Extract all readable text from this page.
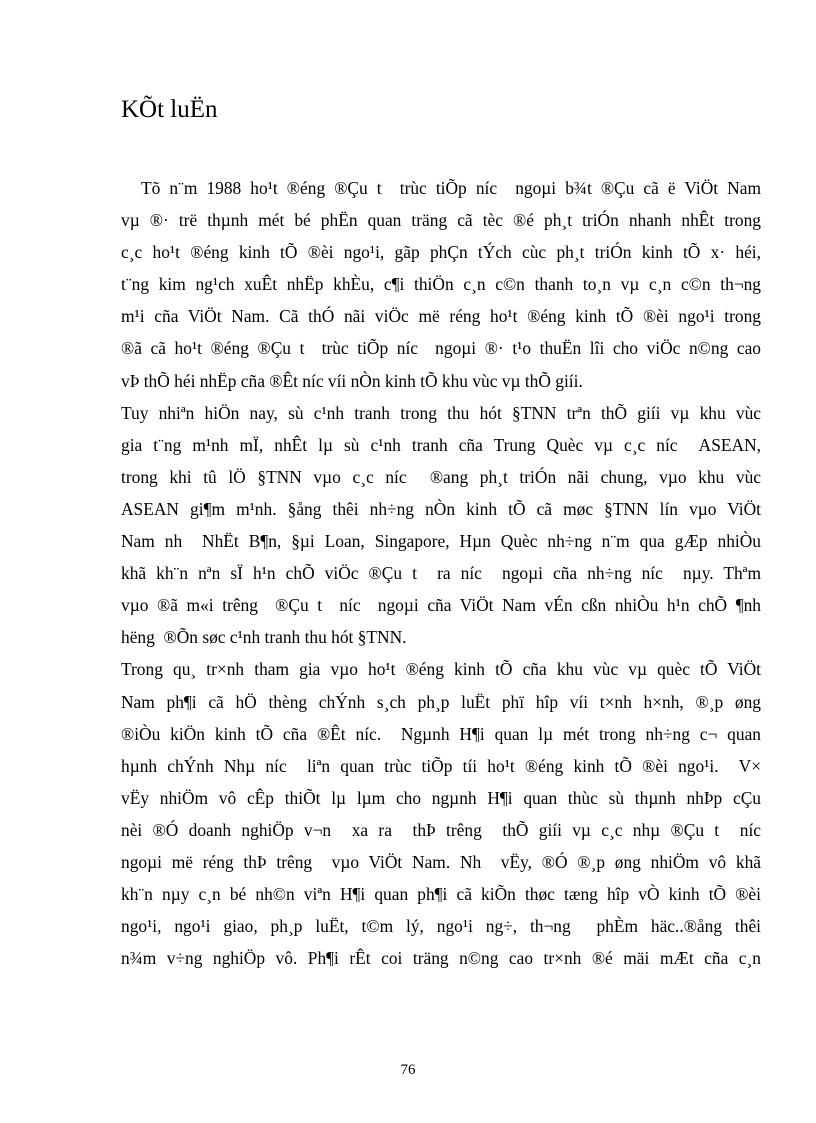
KÕt luËn
Tõ n¨m 1988 ho¹t ®éng ®Çu t  trùc tiÕp níc  ngoµi b¾t ®Çu cã ë ViÖt Nam
vµ ®· trë thµnh mét bé phËn quan träng cã tèc ®é ph¸t triÓn nhanh nhÊt trong
c¸c ho¹t ®éng kinh tÕ ®èi ngo¹i, gãp phÇn tÝch cùc ph¸t triÓn kinh tÕ x· héi,
t¨ng kim ng¹ch xuÊt nhËp khÈu, c¶i thiÖn c¸n c©n thanh to¸n vµ c¸n c©n th¬ng
m¹i cña ViÖt Nam. Cã thÓ nãi viÖc më réng ho¹t ®éng kinh tÕ ®èi ngo¹i trong
®ã cã ho¹t ®éng ®Çu t  trùc tiÕp níc  ngoµi ®· t¹o thuËn lîi cho viÖc n©ng cao
vÞ thÕ héi nhËp cña ®Êt níc víi nÒn kinh tÕ khu vùc vµ thÕ giíi.
Tuy nhiªn hiÖn nay, sù c¹nh tranh trong thu hót §TNN trªn thÕ giíi vµ khu vùc
gia t¨ng m¹nh mÏ, nhÊt lµ sù c¹nh tranh cña Trung Quèc vµ c¸c níc  ASEAN,
trong khi tû lÖ §TNN vµo c¸c níc  ®ang ph¸t triÓn nãi chung, vµo khu vùc
ASEAN gi¶m m¹nh. §ång thêi nh÷ng nÒn kinh tÕ cã møc §TNN lín vµo ViÖt
Nam nh  NhËt B¶n, §µi Loan, Singapore, Hµn Quèc nh÷ng n¨m qua gÆp nhiÒu
khã kh¨n nªn sÏ h¹n chÕ viÖc ®Çu t  ra níc  ngoµi cña nh÷ng níc  nµy. Thªm
vµo ®ã m«i trêng  ®Çu t  níc  ngoµi cña ViÖt Nam vÉn cßn nhiÒu h¹n chÕ ¶nh
hëng  ®Õn søc c¹nh tranh thu hót §TNN.
Trong qu¸ tr×nh tham gia vµo ho¹t ®éng kinh tÕ cña khu vùc vµ quèc tÕ ViÖt
Nam ph¶i cã hÖ thèng chÝnh s¸ch ph¸p luËt phï hîp víi t×nh h×nh, ®¸p øng
®iÒu kiÖn kinh tÕ cña ®Êt níc.  Ngµnh H¶i quan lµ mét trong nh÷ng c¬ quan
hµnh chÝnh Nhµ níc  liªn quan trùc tiÕp tíi ho¹t ®éng kinh tÕ ®èi ngo¹i.  V×
vËy nhiÖm vô cÊp thiÕt lµ lµm cho ngµnh H¶i quan thùc sù thµnh nhÞp cÇu
nèi ®Ó doanh nghiÖp v¬n  xa ra  thÞ trêng  thÕ giíi vµ c¸c nhµ ®Çu t  níc
ngoµi më réng thÞ trêng  vµo ViÖt Nam. Nh  vËy, ®Ó ®¸p øng nhiÖm vô khã
kh¨n nµy c¸n bé nh©n viªn H¶i quan ph¶i cã kiÕn thøc tæng hîp vÒ kinh tÕ ®èi
ngo¹i, ngo¹i giao, ph¸p luËt, t©m lý, ngo¹i ng÷, th¬ng  phÈm häc..®ång thêi
n¾m v÷ng nghiÖp vô. Ph¶i rÊt coi träng n©ng cao tr×nh ®é mäi mÆt cña c¸n
76
